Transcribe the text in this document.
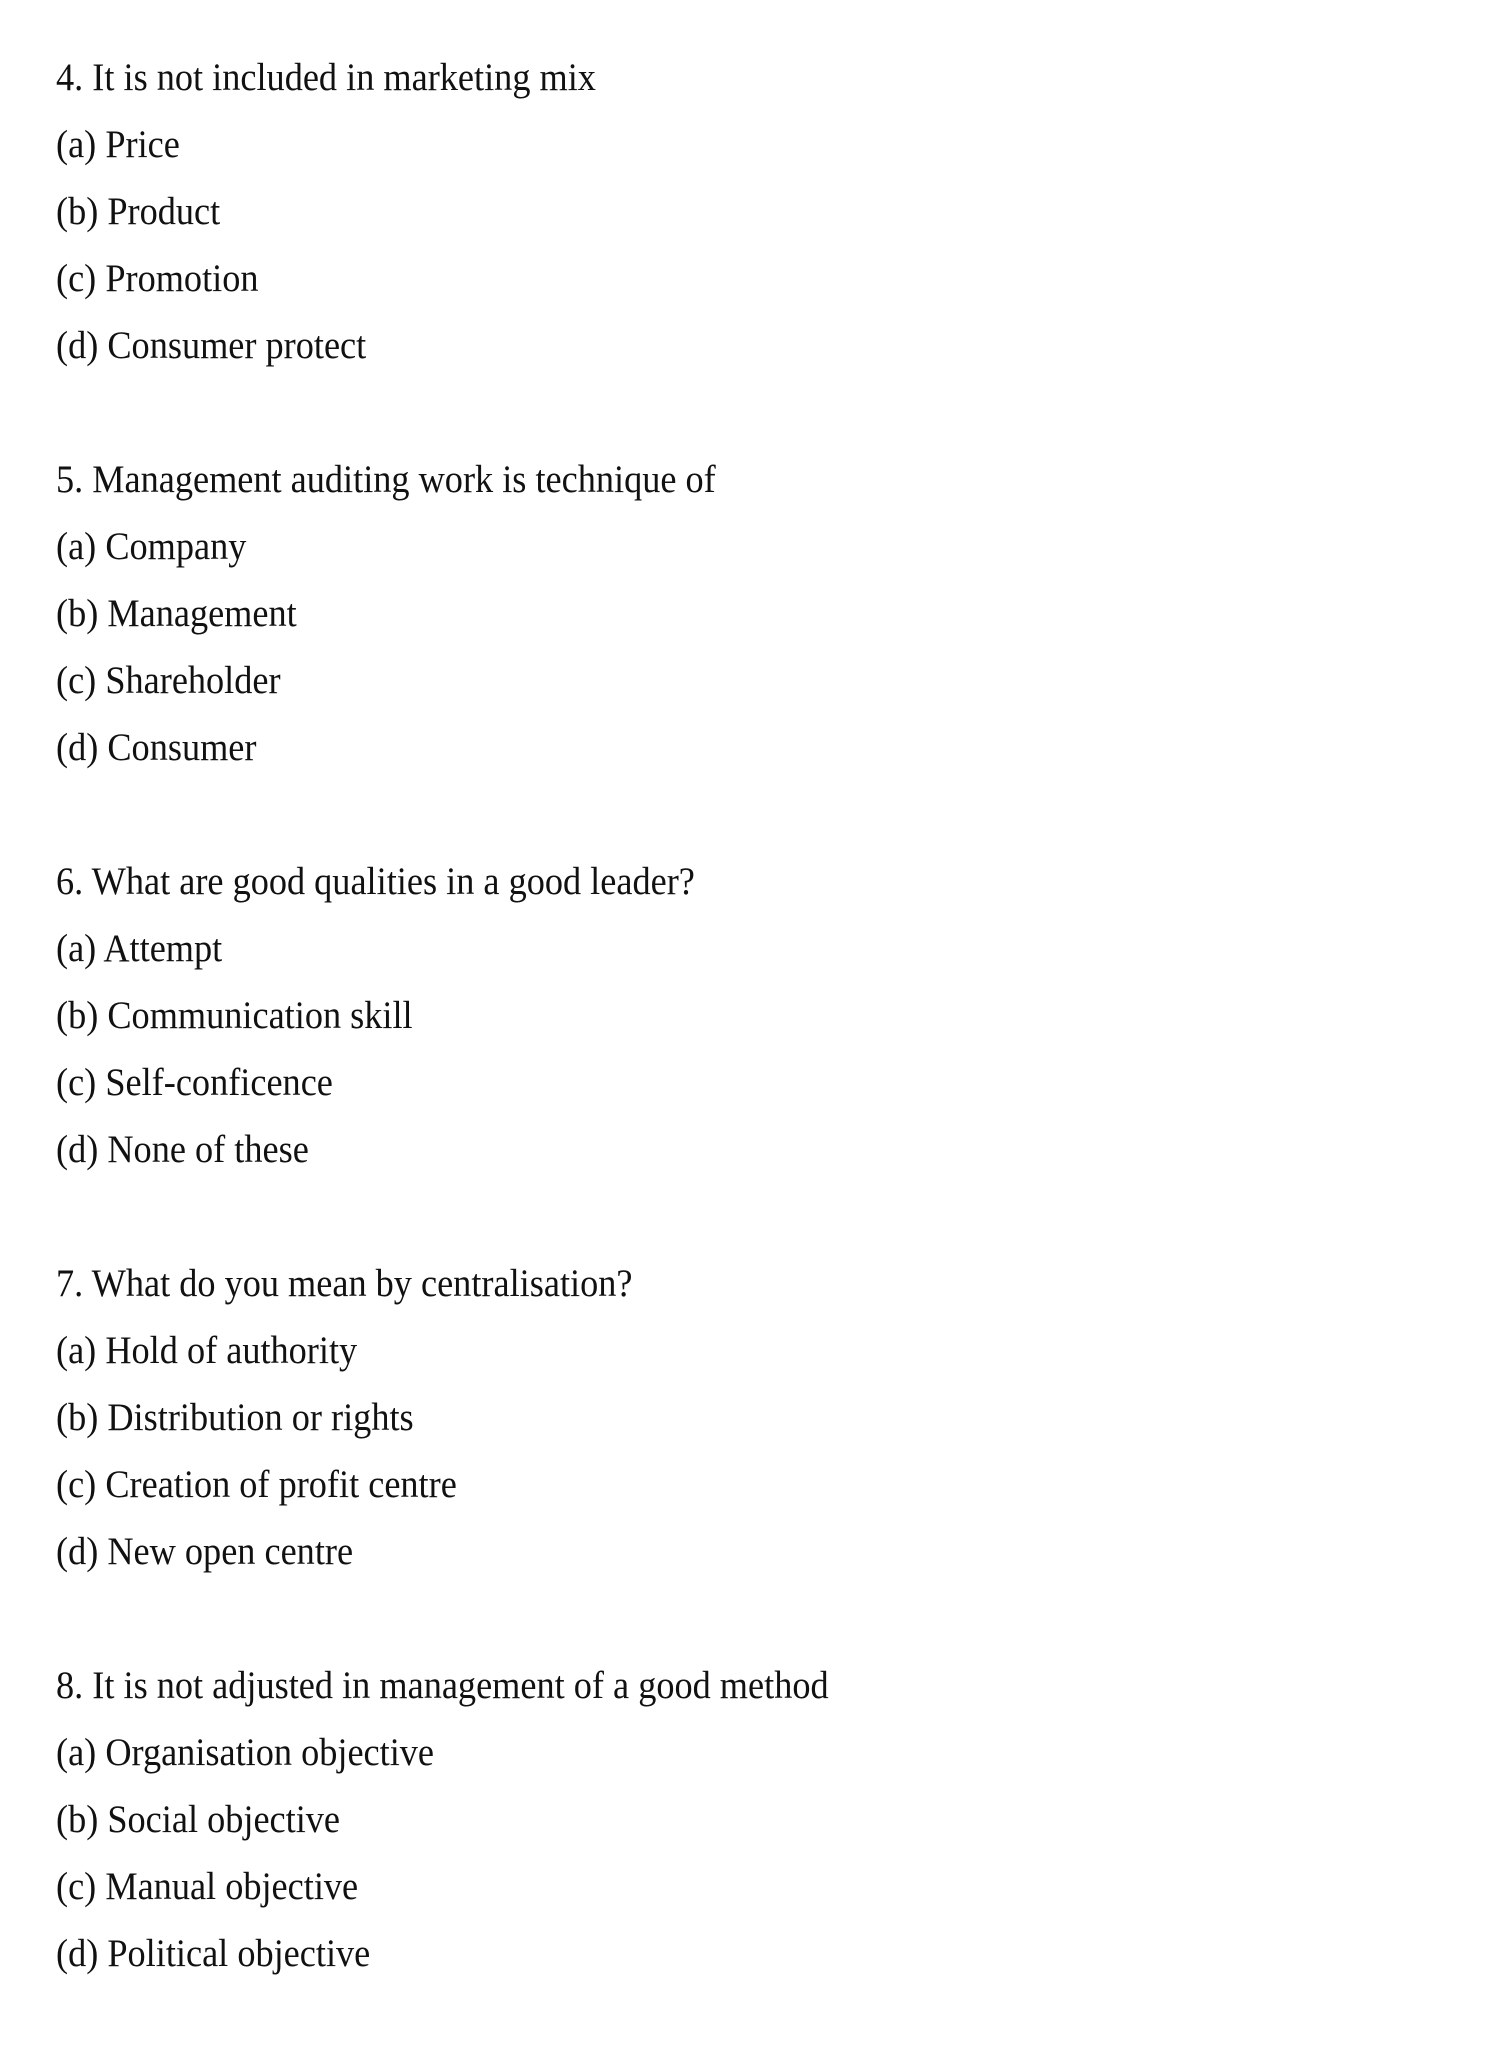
4. It is not included in marketing mix
(a) Price
(b) Product
(c) Promotion
(d) Consumer protect
5. Management auditing work is technique of
(a) Company
(b) Management
(c) Shareholder
(d) Consumer
6. What are good qualities in a good leader?
(a) Attempt
(b) Communication skill
(c) Self-conficence
(d) None of these
7. What do you mean by centralisation?
(a) Hold of authority
(b) Distribution or rights
(c) Creation of profit centre
(d) New open centre
8. It is not adjusted in management of a good method
(a) Organisation objective
(b) Social objective
(c) Manual objective
(d) Political objective
